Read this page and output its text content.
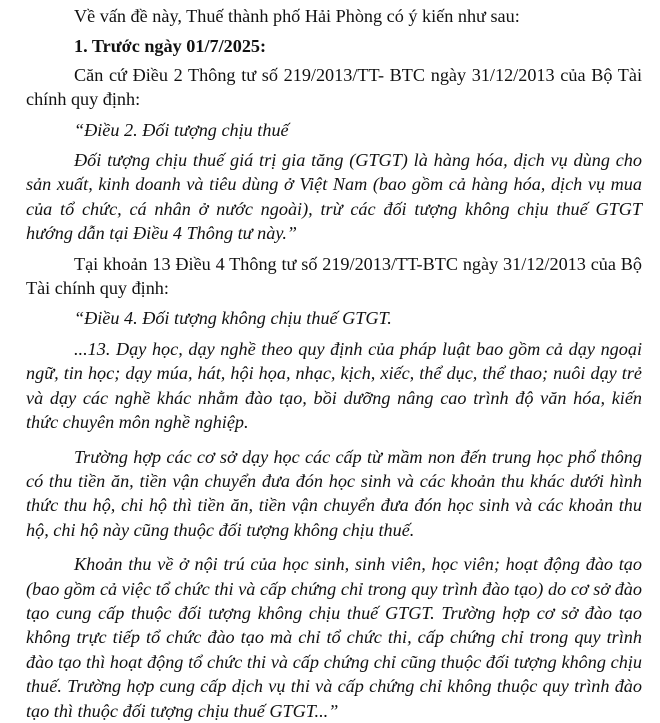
Về vấn đề này, Thuế thành phố Hải Phòng có ý kiến như sau:

1. Trước ngày 01/7/2025:

Căn cứ Điều 2 Thông tư số 219/2013/TT- BTC ngày 31/12/2013 của Bộ Tài chính quy định:

“Điều 2. Đối tượng chịu thuế

Đối tượng chịu thuế giá trị gia tăng (GTGT) là hàng hóa, dịch vụ dùng cho sản xuất, kinh doanh và tiêu dùng ở Việt Nam (bao gồm cả hàng hóa, dịch vụ mua của tổ chức, cá nhân ở nước ngoài), trừ các đối tượng không chịu thuế GTGT hướng dẫn tại Điều 4 Thông tư này.”

Tại khoản 13 Điều 4 Thông tư số 219/2013/TT-BTC ngày 31/12/2013 của Bộ Tài chính quy định:

“Điều 4. Đối tượng không chịu thuế GTGT.

...13. Dạy học, dạy nghề theo quy định của pháp luật bao gồm cả dạy ngoại ngữ, tin học; dạy múa, hát, hội họa, nhạc, kịch, xiếc, thể dục, thể thao; nuôi dạy trẻ và dạy các nghề khác nhằm đào tạo, bồi dưỡng nâng cao trình độ văn hóa, kiến thức chuyên môn nghề nghiệp.

Trường hợp các cơ sở dạy học các cấp từ mầm non đến trung học phổ thông có thu tiền ăn, tiền vận chuyển đưa đón học sinh và các khoản thu khác dưới hình thức thu hộ, chi hộ thì tiền ăn, tiền vận chuyển đưa đón học sinh và các khoản thu hộ, chi hộ này cũng thuộc đối tượng không chịu thuế.

Khoản thu về ở nội trú của học sinh, sinh viên, học viên; hoạt động đào tạo (bao gồm cả việc tổ chức thi và cấp chứng chỉ trong quy trình đào tạo) do cơ sở đào tạo cung cấp thuộc đối tượng không chịu thuế GTGT. Trường hợp cơ sở đào tạo không trực tiếp tổ chức đào tạo mà chỉ tổ chức thi, cấp chứng chỉ trong quy trình đào tạo thì hoạt động tổ chức thi và cấp chứng chỉ cũng thuộc đối tượng không chịu thuế. Trường hợp cung cấp dịch vụ thi và cấp chứng chỉ không thuộc quy trình đào tạo thì thuộc đối tượng chịu thuế GTGT...”
